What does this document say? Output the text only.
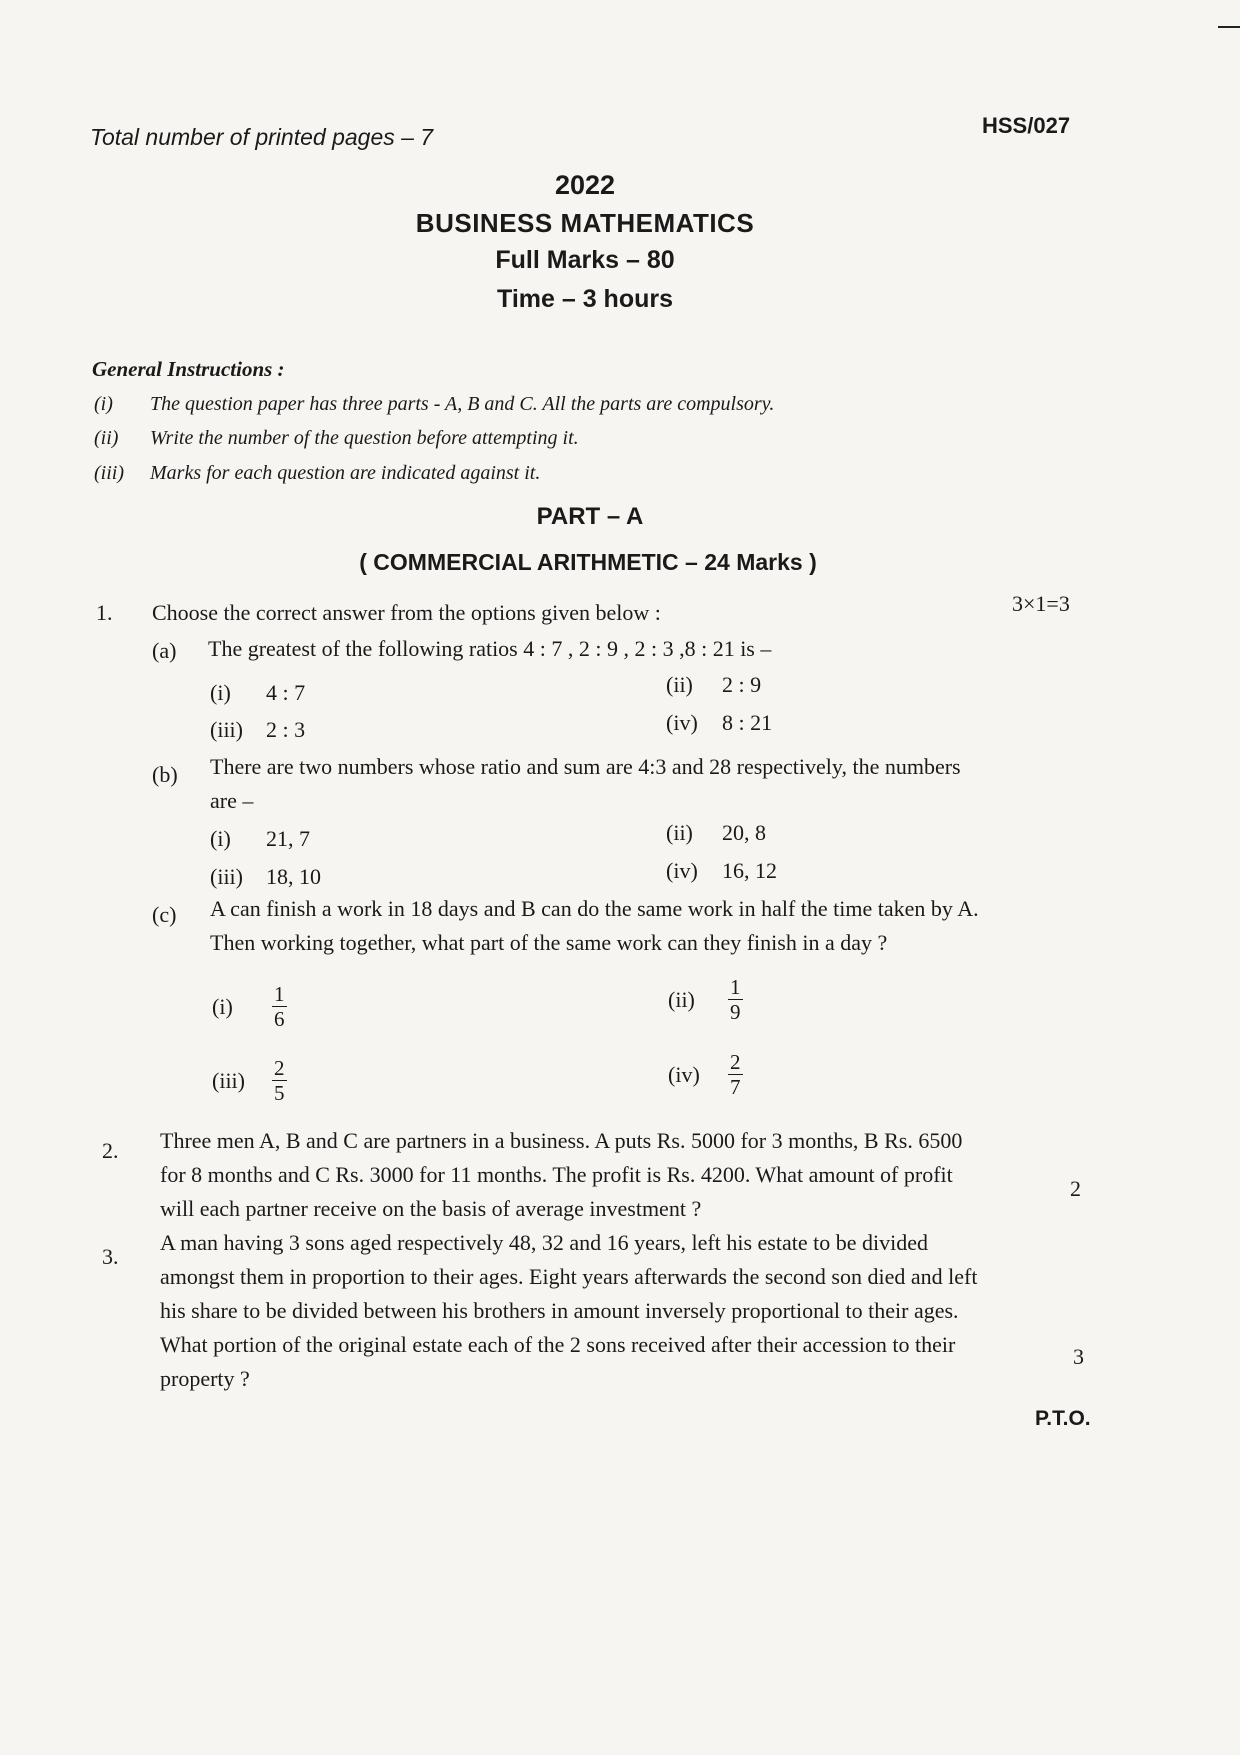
Total number of printed pages – 7	HSS/027
2022
BUSINESS MATHEMATICS
Full Marks – 80
Time – 3 hours
General Instructions :
(i) The question paper has three parts - A, B and C. All the parts are compulsory.
(ii) Write the number of the question before attempting it.
(iii) Marks for each question are indicated against it.
PART – A
( COMMERCIAL ARITHMETIC – 24 Marks )
1. Choose the correct answer from the options given below :	3×1=3
(a) The greatest of the following ratios 4 : 7 , 2 : 9 , 2 : 3 ,8 : 21 is –
(i) 4 : 7	(ii) 2 : 9
(iii) 2 : 3	(iv) 8 : 21
(b) There are two numbers whose ratio and sum are 4:3 and 28 respectively, the numbers
are –
(i) 21, 7	(ii) 20, 8
(iii) 18, 10	(iv) 16, 12
(c) A can finish a work in 18 days and B can do the same work in half the time taken by A.
Then working together, what part of the same work can they finish in a day ?
$(i) \frac{1}{6}$	$(ii) \frac{1}{9}$
$(iii) \frac{2}{5}$	$(iv) \frac{2}{7}$
2. Three men A, B and C are partners in a business. A puts Rs. 5000 for 3 months, B Rs. 6500
for 8 months and C Rs. 3000 for 11 months. The profit is Rs. 4200. What amount of profit
will each partner receive on the basis of average investment ?
2
3.
A man having 3 sons aged respectively 48, 32 and 16 years, left his estate to be divided
amongst them in proportion to their ages. Eight years afterwards the second son died and left
his share to be divided between his brothers in amount inversely proportional to their ages.
What portion of the original estate each of the 2 sons received after their accession to their
property ?
3
P.T.O.
